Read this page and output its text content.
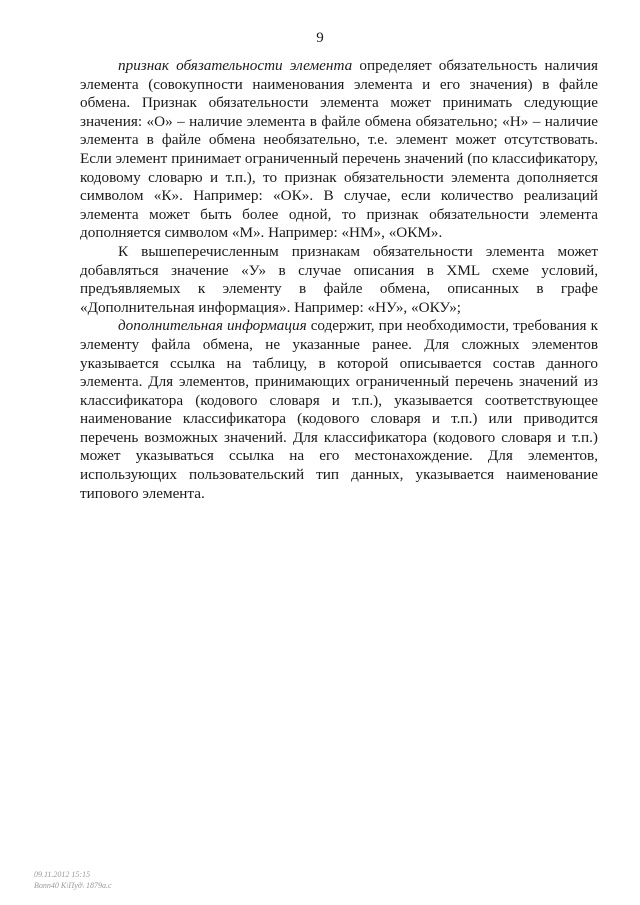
9

признак обязательности элемента определяет обязательность наличия элемента (совокупности наименования элемента и его значения) в файле обмена. Признак обязательности элемента может принимать следующие значения: «О» – наличие элемента в файле обмена обязательно; «Н» – наличие элемента в файле обмена необязательно, т.е. элемент может отсутствовать. Если элемент принимает ограниченный перечень значений (по классификатору, кодовому словарю и т.п.), то признак обязательности элемента дополняется символом «К». Например: «ОК». В случае, если количество реализаций элемента может быть более одной, то признак обязательности элемента дополняется символом «М». Например: «НМ», «ОКМ».

К вышеперечисленным признакам обязательности элемента может добавляться значение «У» в случае описания в XML схеме условий, предъявляемых к элементу в файле обмена, описанных в графе «Дополнительная информация». Например: «НУ», «ОКУ»;

дополнительная информация содержит, при необходимости, требования к элементу файла обмена, не указанные ранее. Для сложных элементов указывается ссылка на таблицу, в которой описывается состав данного элемента. Для элементов, принимающих ограниченный перечень значений из классификатора (кодового словаря и т.п.), указывается соответствующее наименование классификатора (кодового словаря и т.п.) или приводится перечень возможных значений. Для классификатора (кодового словаря и т.п.) может указываться ссылка на его местонахождение. Для элементов, использующих пользовательский тип данных, указывается наименование типового элемента.

09.11.2012 15:15
Bonn40 К\Пуд\ 1879а.с
